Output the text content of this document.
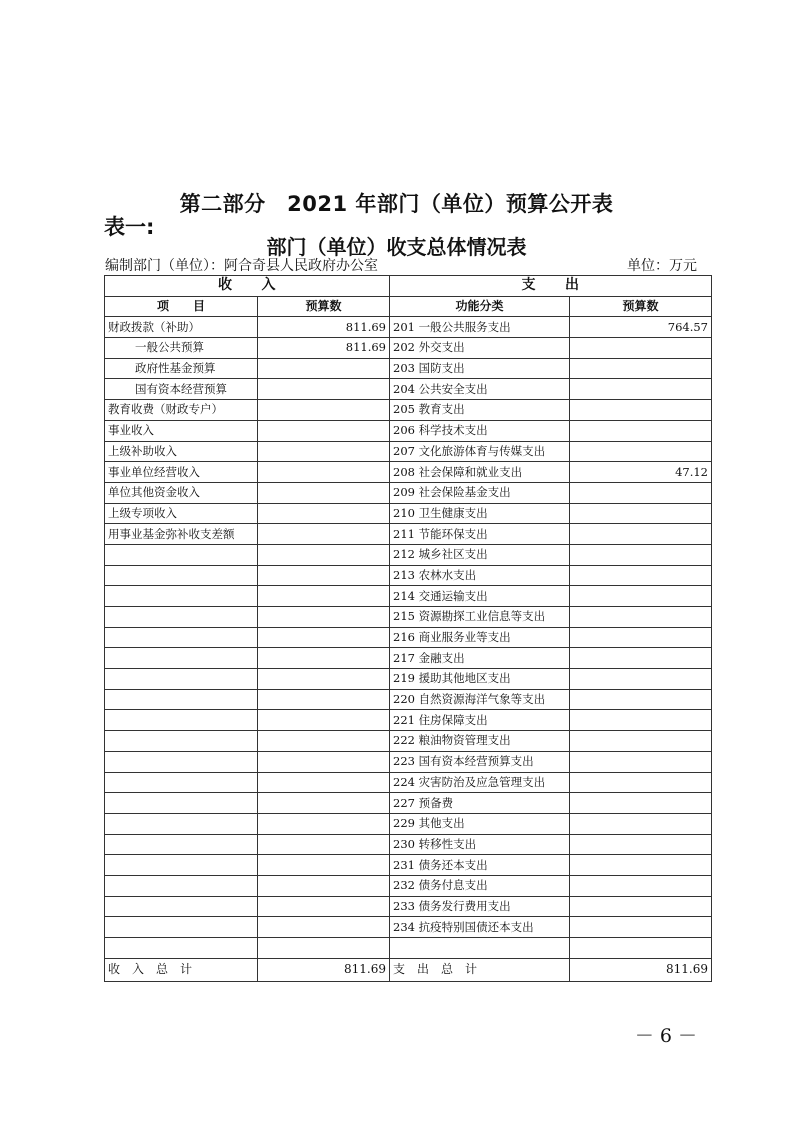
第二部分　2021 年部门（单位）预算公开表
表一:
部门（单位）收支总体情况表
编制部门（单位）：阿合奇县人民政府办公室	单位：万元
收　　入		支　　出	
项　　目	预算数	功能分类	预算数
财政拨款（补助）	811.69	201 一般公共服务支出	764.57
一般公共预算	811.69	202 外交支出	
政府性基金预算		203 国防支出	
国有资本经营预算		204 公共安全支出	
教育收费（财政专户）		205 教育支出	
事业收入		206 科学技术支出	
上级补助收入		207 文化旅游体育与传媒支出	
事业单位经营收入		208 社会保障和就业支出	47.12
单位其他资金收入		209 社会保险基金支出	
上级专项收入		210 卫生健康支出	
用事业基金弥补收支差额		211 节能环保支出	
		212 城乡社区支出	
		213 农林水支出	
		214 交通运输支出	
		215 资源勘探工业信息等支出	
		216 商业服务业等支出	
		217 金融支出	
		219 援助其他地区支出	
		220 自然资源海洋气象等支出	
		221 住房保障支出	
		222 粮油物资管理支出	
		223 国有资本经营预算支出	
		224 灾害防治及应急管理支出	
		227 预备费	
		229 其他支出	
		230 转移性支出	
		231 债务还本支出	
		232 债务付息支出	
		233 债务发行费用支出	
		234 抗疫特别国债还本支出	

收　入　总　计	811.69	支　出　总　计	811.69
－ 6 －
